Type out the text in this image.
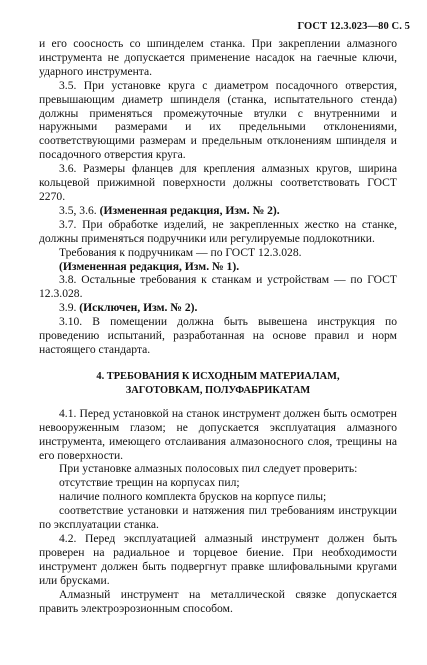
ГОСТ 12.3.023—80 С. 5

и его соосность со шпинделем станка. При закреплении алмазного инструмента не допускается применение насадок на гаечные ключи, ударного инструмента.

3.5. При установке круга с диаметром посадочного отверстия, превышающим диаметр шпинделя (станка, испытательного стенда) должны применяться промежуточные втулки с внутренними и наружными размерами и их предельными отклонениями, соответствующими размерам и предельным отклонениям шпинделя и посадочного отверстия круга.

3.6. Размеры фланцев для крепления алмазных кругов, ширина кольцевой прижимной поверхности должны соответствовать ГОСТ 2270.

3.5, 3.6. (Измененная редакция, Изм. № 2).

3.7. При обработке изделий, не закрепленных жестко на станке, должны применяться подручники или регулируемые подлокотники.

Требования к подручникам — по ГОСТ 12.3.028.

(Измененная редакция, Изм. № 1).

3.8. Остальные требования к станкам и устройствам — по ГОСТ 12.3.028.

3.9. (Исключен, Изм. № 2).

3.10. В помещении должна быть вывешена инструкция по проведению испытаний, разработанная на основе правил и норм настоящего стандарта.

4. ТРЕБОВАНИЯ К ИСХОДНЫМ МАТЕРИАЛАМ,
ЗАГОТОВКАМ, ПОЛУФАБРИКАТАМ

4.1. Перед установкой на станок инструмент должен быть осмотрен невооруженным глазом; не допускается эксплуатация алмазного инструмента, имеющего отслаивания алмазоносного слоя, трещины на его поверхности.

При установке алмазных полосовых пил следует проверить:

отсутствие трещин на корпусах пил;

наличие полного комплекта брусков на корпусе пилы;

соответствие установки и натяжения пил требованиям инструкции по эксплуатации станка.

4.2. Перед эксплуатацией алмазный инструмент должен быть проверен на радиальное и торцевое биение. При необходимости инструмент должен быть подвергнут правке шлифовальными кругами или брусками.

Алмазный инструмент на металлической связке допускается править электроэрозионным способом.
